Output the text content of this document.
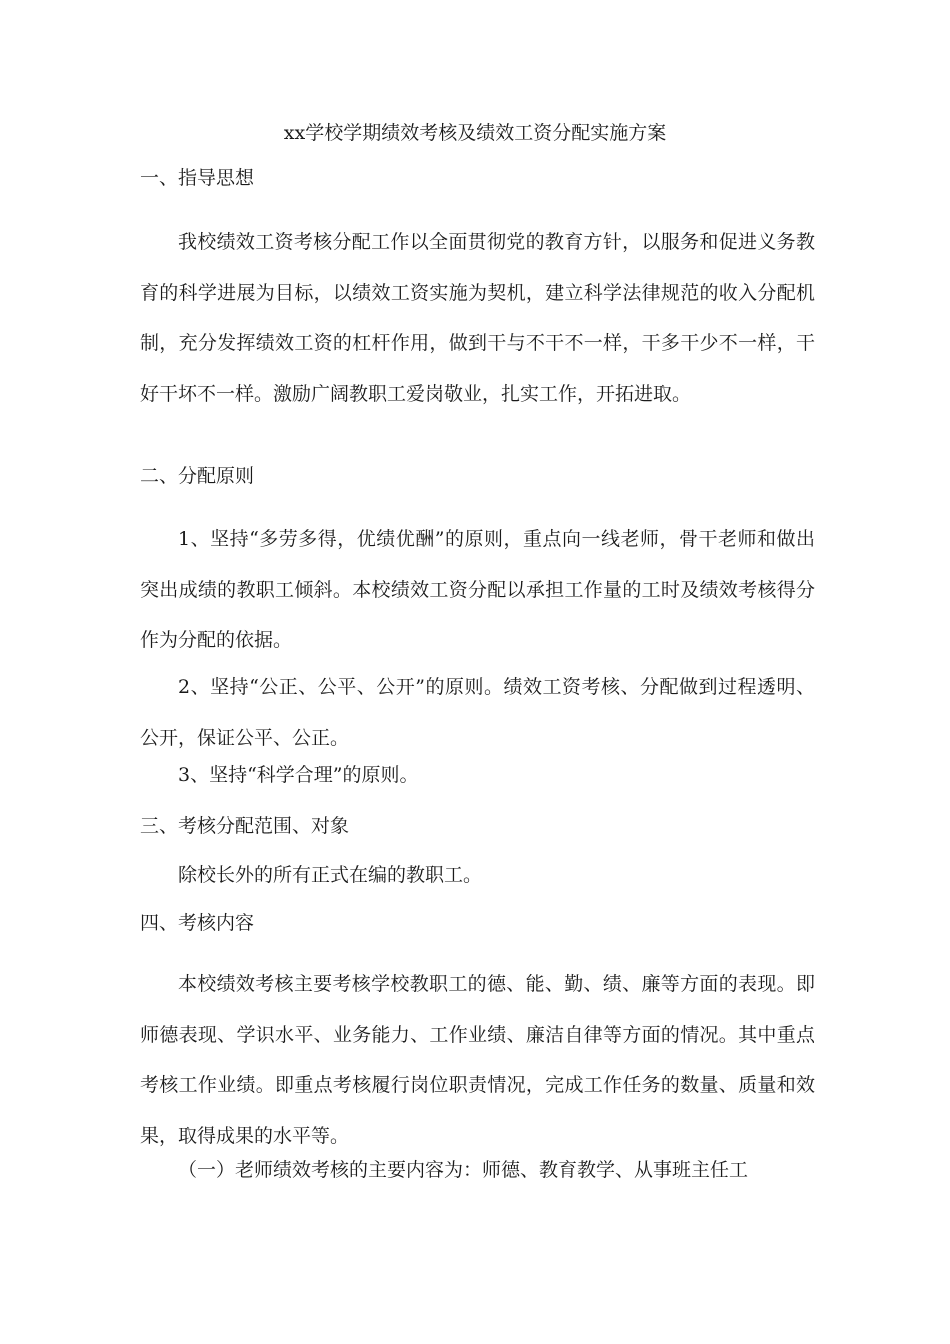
xx学校学期绩效考核及绩效工资分配实施方案

一、指导思想

我校绩效工资考核分配工作以全面贯彻党的教育方针，以服务和促进义务教育的科学进展为目标，以绩效工资实施为契机，建立科学法律规范的收入分配机制，充分发挥绩效工资的杠杆作用，做到干与不干不一样，干多干少不一样，干好干坏不一样。激励广阔教职工爱岗敬业，扎实工作，开拓进取。

二、分配原则

1、坚持“多劳多得，优绩优酬”的原则，重点向一线老师，骨干老师和做出突出成绩的教职工倾斜。本校绩效工资分配以承担工作量的工时及绩效考核得分作为分配的依据。

2、坚持“公正、公平、公开”的原则。绩效工资考核、分配做到过程透明、公开，保证公平、公正。

3、坚持“科学合理”的原则。

三、考核分配范围、对象

除校长外的所有正式在编的教职工。

四、考核内容

本校绩效考核主要考核学校教职工的德、能、勤、绩、廉等方面的表现。即师德表现、学识水平、业务能力、工作业绩、廉洁自律等方面的情况。其中重点考核工作业绩。即重点考核履行岗位职责情况，完成工作任务的数量、质量和效果，取得成果的水平等。

（一）老师绩效考核的主要内容为：师德、教育教学、从事班主任工
